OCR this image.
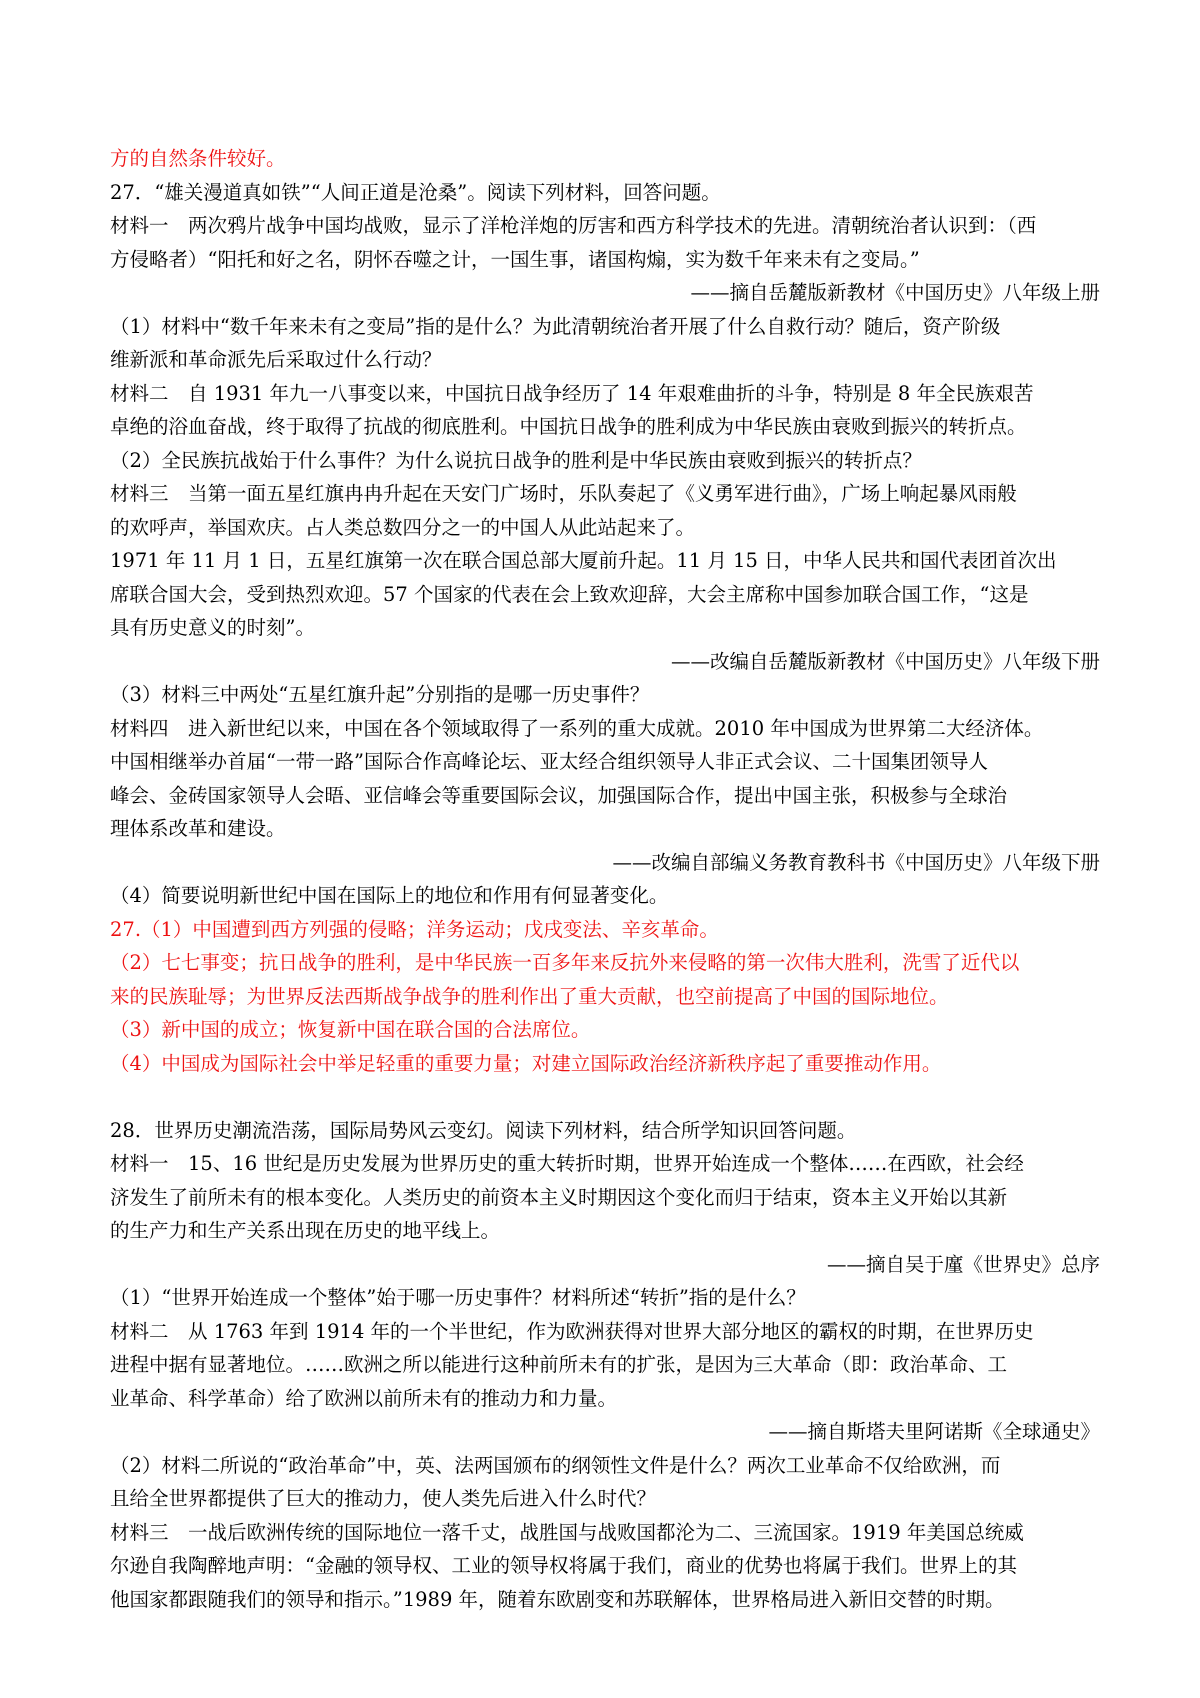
方的自然条件较好。

27．“雄关漫道真如铁”“人间正道是沧桑”。阅读下列材料，回答问题。

材料一　两次鸦片战争中国均战败，显示了洋枪洋炮的厉害和西方科学技术的先进。清朝统治者认识到：（西

方侵略者）“阳托和好之名，阴怀吞噬之计，一国生事，诸国构煽，实为数千年来未有之变局。”

——摘自岳麓版新教材《中国历史》八年级上册

（1）材料中“数千年来未有之变局”指的是什么？为此清朝统治者开展了什么自救行动？随后，资产阶级

维新派和革命派先后采取过什么行动？

材料二　自 1931 年九一八事变以来，中国抗日战争经历了 14 年艰难曲折的斗争，特别是 8 年全民族艰苦

卓绝的浴血奋战，终于取得了抗战的彻底胜利。中国抗日战争的胜利成为中华民族由衰败到振兴的转折点。

（2）全民族抗战始于什么事件？为什么说抗日战争的胜利是中华民族由衰败到振兴的转折点？

材料三　当第一面五星红旗冉冉升起在天安门广场时，乐队奏起了《义勇军进行曲》，广场上响起暴风雨般

的欢呼声，举国欢庆。占人类总数四分之一的中国人从此站起来了。

1971 年 11 月 1 日，五星红旗第一次在联合国总部大厦前升起。11 月 15 日，中华人民共和国代表团首次出

席联合国大会，受到热烈欢迎。57 个国家的代表在会上致欢迎辞，大会主席称中国参加联合国工作，“这是

具有历史意义的时刻”。

——改编自岳麓版新教材《中国历史》八年级下册

（3）材料三中两处“五星红旗升起”分别指的是哪一历史事件？

材料四　进入新世纪以来，中国在各个领域取得了一系列的重大成就。2010 年中国成为世界第二大经济体。

中国相继举办首届“一带一路”国际合作高峰论坛、亚太经合组织领导人非正式会议、二十国集团领导人

峰会、金砖国家领导人会晤、亚信峰会等重要国际会议，加强国际合作，提出中国主张，积极参与全球治

理体系改革和建设。

——改编自部编义务教育教科书《中国历史》八年级下册

（4）简要说明新世纪中国在国际上的地位和作用有何显著变化。

27.（1）中国遭到西方列强的侵略；洋务运动；戊戌变法、辛亥革命。

（2）七七事变；抗日战争的胜利，是中华民族一百多年来反抗外来侵略的第一次伟大胜利，洗雪了近代以

来的民族耻辱；为世界反法西斯战争战争的胜利作出了重大贡献，也空前提高了中国的国际地位。

（3）新中国的成立；恢复新中国在联合国的合法席位。

（4）中国成为国际社会中举足轻重的重要力量；对建立国际政治经济新秩序起了重要推动作用。

28．世界历史潮流浩荡，国际局势风云变幻。阅读下列材料，结合所学知识回答问题。

材料一　15、16 世纪是历史发展为世界历史的重大转折时期，世界开始连成一个整体……在西欧，社会经

济发生了前所未有的根本变化。人类历史的前资本主义时期因这个变化而归于结束，资本主义开始以其新

的生产力和生产关系出现在历史的地平线上。

——摘自吴于廑《世界史》总序

（1）“世界开始连成一个整体”始于哪一历史事件？材料所述“转折”指的是什么？

材料二　从 1763 年到 1914 年的一个半世纪，作为欧洲获得对世界大部分地区的霸权的时期，在世界历史

进程中据有显著地位。……欧洲之所以能进行这种前所未有的扩张，是因为三大革命（即：政治革命、工

业革命、科学革命）给了欧洲以前所未有的推动力和力量。

——摘自斯塔夫里阿诺斯《全球通史》

（2）材料二所说的“政治革命”中，英、法两国颁布的纲领性文件是什么？两次工业革命不仅给欧洲，而

且给全世界都提供了巨大的推动力，使人类先后进入什么时代？

材料三　一战后欧洲传统的国际地位一落千丈，战胜国与战败国都沦为二、三流国家。1919 年美国总统威

尔逊自我陶醉地声明：“金融的领导权、工业的领导权将属于我们，商业的优势也将属于我们。世界上的其

他国家都跟随我们的领导和指示。”1989 年，随着东欧剧变和苏联解体，世界格局进入新旧交替的时期。
